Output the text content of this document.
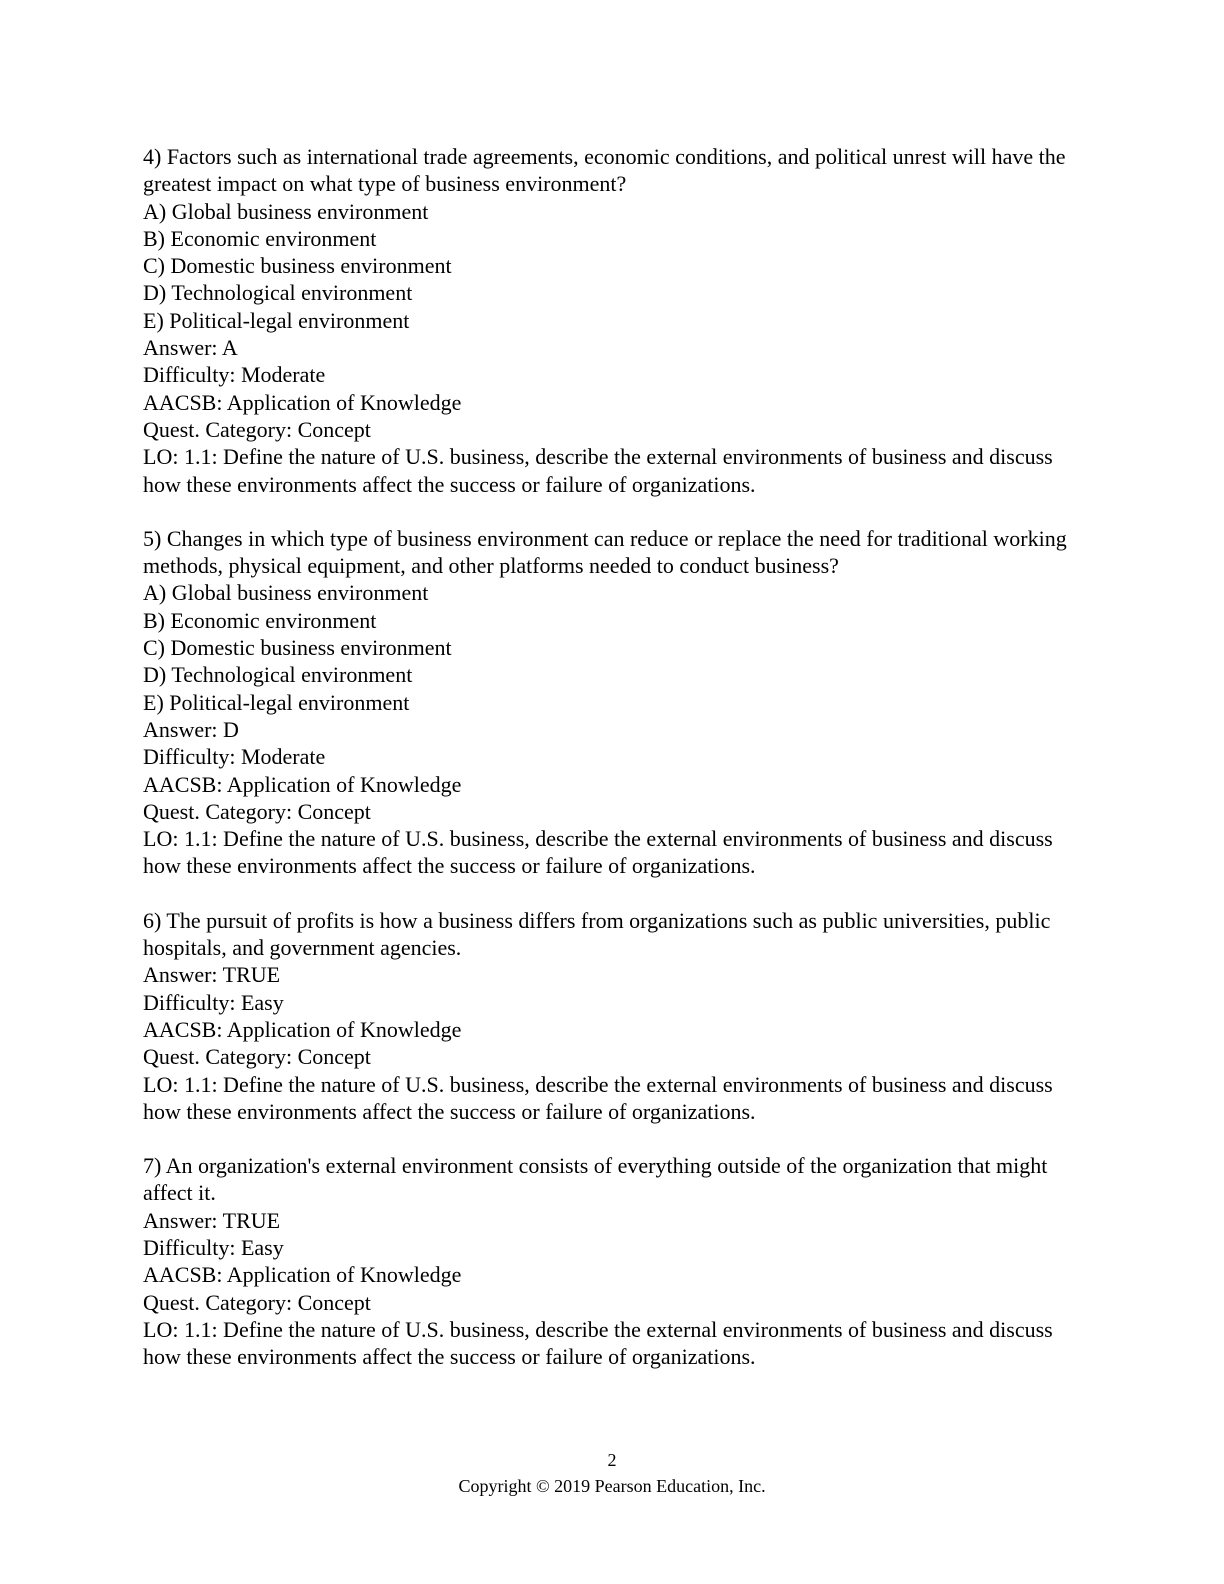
4) Factors such as international trade agreements, economic conditions, and political unrest will have the greatest impact on what type of business environment?
A) Global business environment
B) Economic environment
C) Domestic business environment
D) Technological environment
E) Political-legal environment
Answer: A
Difficulty: Moderate
AACSB: Application of Knowledge
Quest. Category: Concept
LO: 1.1: Define the nature of U.S. business, describe the external environments of business and discuss how these environments affect the success or failure of organizations.
5) Changes in which type of business environment can reduce or replace the need for traditional working methods, physical equipment, and other platforms needed to conduct business?
A) Global business environment
B) Economic environment
C) Domestic business environment
D) Technological environment
E) Political-legal environment
Answer: D
Difficulty: Moderate
AACSB: Application of Knowledge
Quest. Category: Concept
LO: 1.1: Define the nature of U.S. business, describe the external environments of business and discuss how these environments affect the success or failure of organizations.
6) The pursuit of profits is how a business differs from organizations such as public universities, public hospitals, and government agencies.
Answer: TRUE
Difficulty: Easy
AACSB: Application of Knowledge
Quest. Category: Concept
LO: 1.1: Define the nature of U.S. business, describe the external environments of business and discuss how these environments affect the success or failure of organizations.
7) An organization's external environment consists of everything outside of the organization that might affect it.
Answer: TRUE
Difficulty: Easy
AACSB: Application of Knowledge
Quest. Category: Concept
LO: 1.1: Define the nature of U.S. business, describe the external environments of business and discuss how these environments affect the success or failure of organizations.
2
Copyright © 2019 Pearson Education, Inc.
